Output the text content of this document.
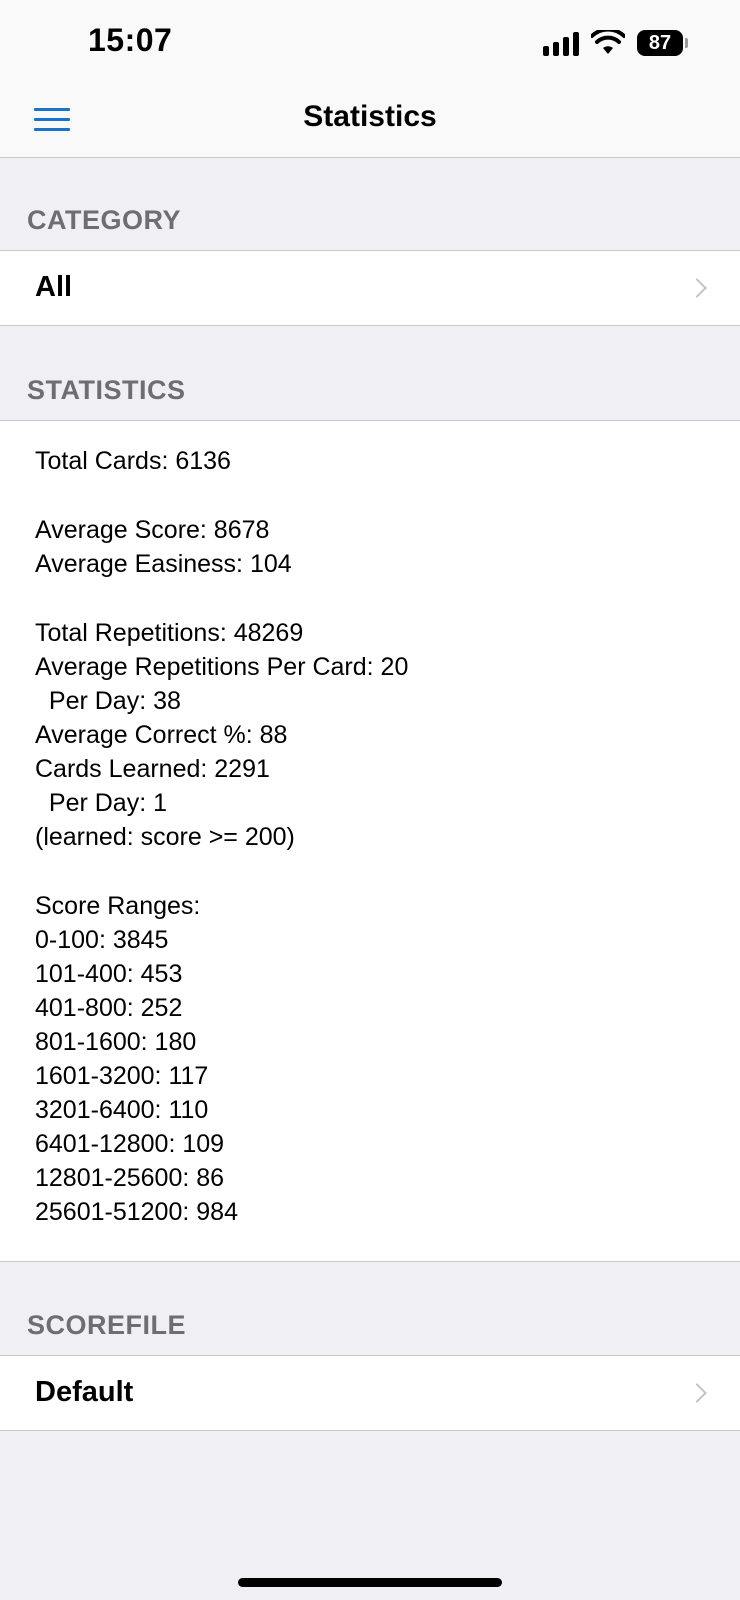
15:07	87
Statistics
CATEGORY
All
STATISTICS
Total Cards: 6136
Average Score: 8678
Average Easiness: 104
Total Repetitions: 48269
Average Repetitions Per Card: 20
Per Day: 38
Average Correct %: 88
Cards Learned: 2291
Per Day: 1
(learned: score >= 200)
Score Ranges:
0-100: 3845
101-400: 453
401-800: 252
801-1600: 180
1601-3200: 117
3201-6400: 110
6401-12800: 109
12801-25600: 86
25601-51200: 984
SCOREFILE
Default
